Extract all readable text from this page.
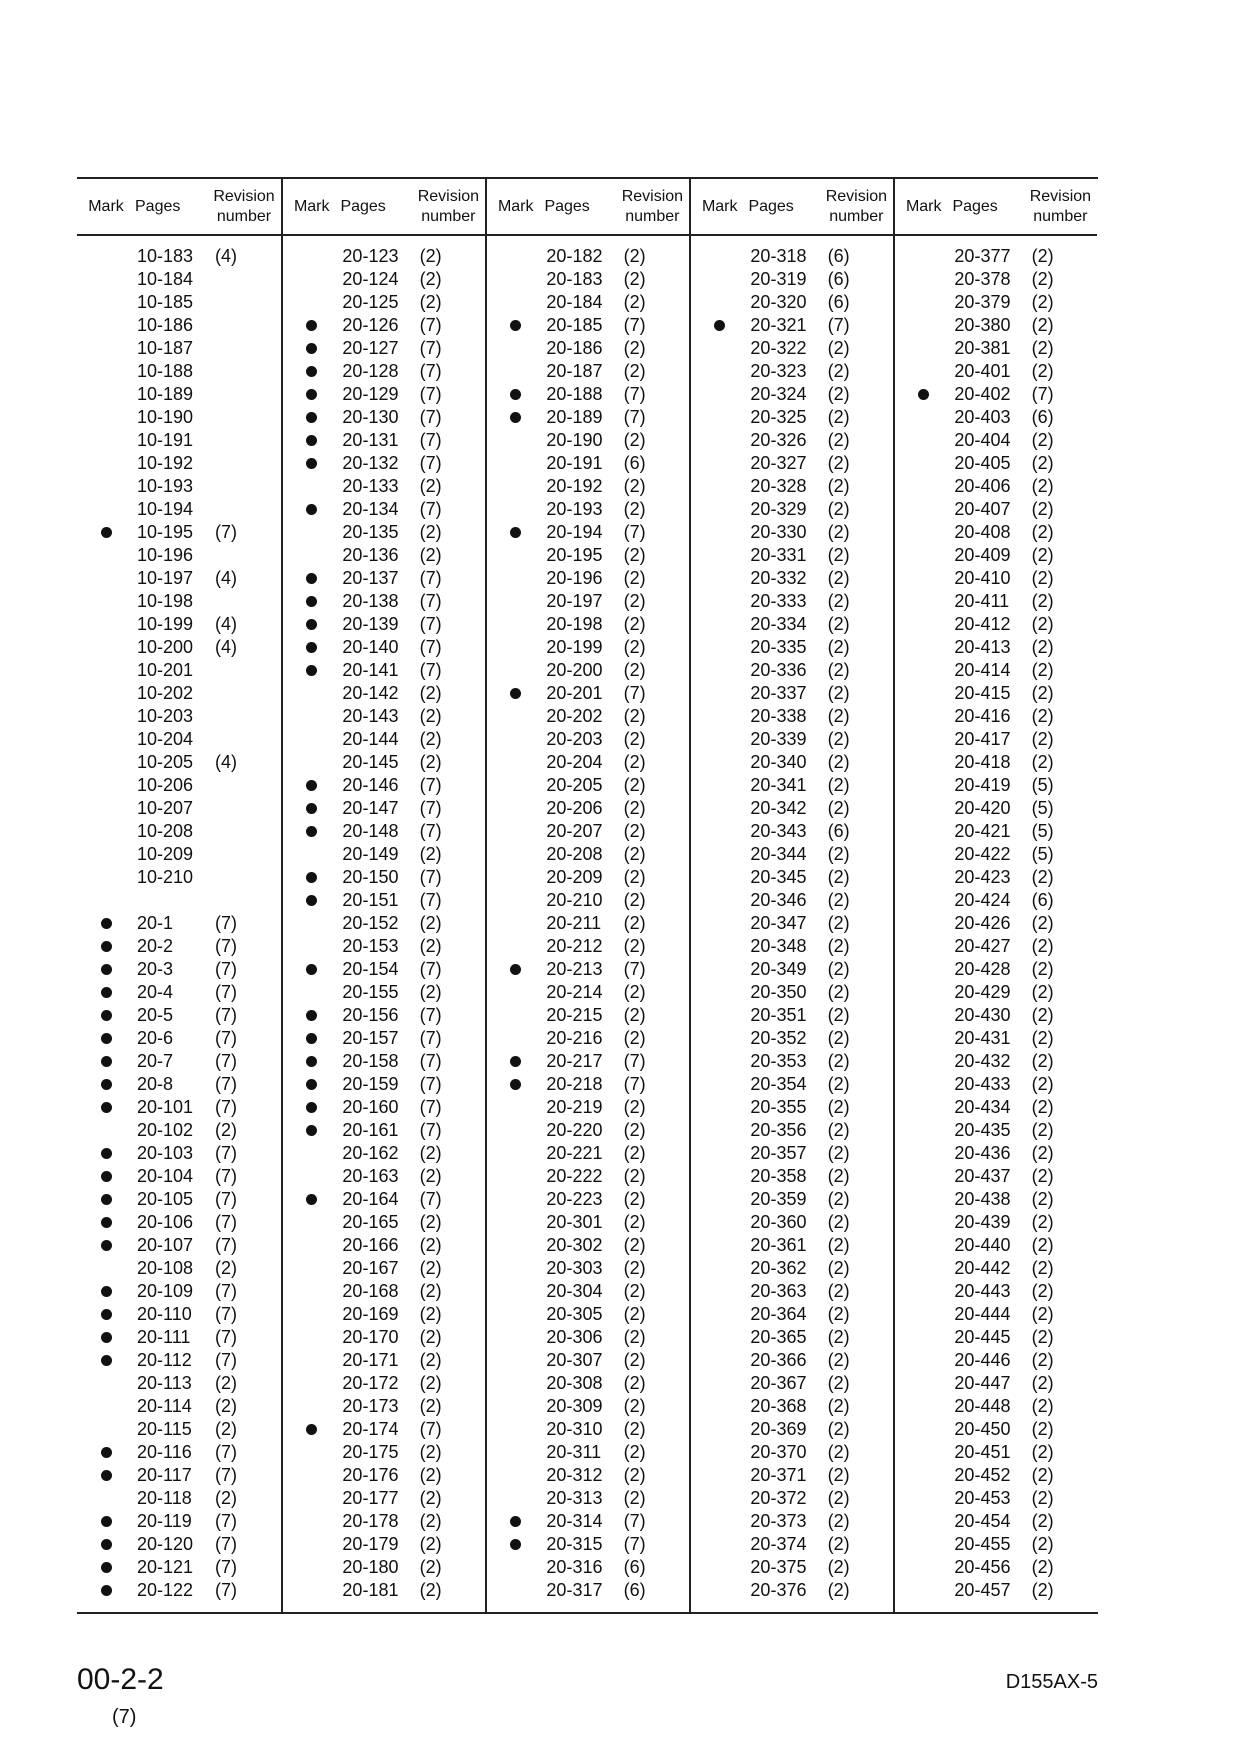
Mark Pages
Revision
number
10-183	(4)
10-184
10-185
10-186
10-187
10-188
10-189
10-190
10-191
10-192
10-193
10-194
10-195	(7)
10-196
10-197	(4)
10-198
10-199	(4)
10-200	(4)
10-201
10-202
10-203
10-204
10-205	(4)
10-206
10-207
10-208
10-209
10-210
20-1	(7)
20-2	(7)
20-3	(7)
20-4	(7)
20-5	(7)
20-6	(7)
20-7	(7)
20-8	(7)
20-101	(7)
20-102	(2)
20-103	(7)
20-104	(7)
20-105	(7)
20-106	(7)
20-107	(7)
20-108	(2)
20-109	(7)
20-110	(7)
20-111	(7)
20-112	(7)
20-113	(2)
20-114	(2)
20-115	(2)
20-116	(7)
20-117	(7)
20-118	(2)
20-119	(7)
20-120	(7)
20-121	(7)
20-122	(7)
Mark Pages
Revision
number
20-123	(2)
20-124	(2)
20-125	(2)
20-126	(7)
20-127	(7)
20-128	(7)
20-129	(7)
20-130	(7)
20-131	(7)
20-132	(7)
20-133	(2)
20-134	(7)
20-135	(2)
20-136	(2)
20-137	(7)
20-138	(7)
20-139	(7)
20-140	(7)
20-141	(7)
20-142	(2)
20-143	(2)
20-144	(2)
20-145	(2)
20-146	(7)
20-147	(7)
20-148	(7)
20-149	(2)
20-150	(7)
20-151	(7)
20-152	(2)
20-153	(2)
20-154	(7)
20-155	(2)
20-156	(7)
20-157	(7)
20-158	(7)
20-159	(7)
20-160	(7)
20-161	(7)
20-162	(2)
20-163	(2)
20-164	(7)
20-165	(2)
20-166	(2)
20-167	(2)
20-168	(2)
20-169	(2)
20-170	(2)
20-171	(2)
20-172	(2)
20-173	(2)
20-174	(7)
20-175	(2)
20-176	(2)
20-177	(2)
20-178	(2)
20-179	(2)
20-180	(2)
20-181	(2)
Mark Pages
Revision
number
20-182	(2)
20-183	(2)
20-184	(2)
20-185	(7)
20-186	(2)
20-187	(2)
20-188	(7)
20-189	(7)
20-190	(2)
20-191	(6)
20-192	(2)
20-193	(2)
20-194	(7)
20-195	(2)
20-196	(2)
20-197	(2)
20-198	(2)
20-199	(2)
20-200	(2)
20-201	(7)
20-202	(2)
20-203	(2)
20-204	(2)
20-205	(2)
20-206	(2)
20-207	(2)
20-208	(2)
20-209	(2)
20-210	(2)
20-211	(2)
20-212	(2)
20-213	(7)
20-214	(2)
20-215	(2)
20-216	(2)
20-217	(7)
20-218	(7)
20-219	(2)
20-220	(2)
20-221	(2)
20-222	(2)
20-223	(2)
20-301	(2)
20-302	(2)
20-303	(2)
20-304	(2)
20-305	(2)
20-306	(2)
20-307	(2)
20-308	(2)
20-309	(2)
20-310	(2)
20-311	(2)
20-312	(2)
20-313	(2)
20-314	(7)
20-315	(7)
20-316	(6)
20-317	(6)
Mark Pages
Revision
number
20-318	(6)
20-319	(6)
20-320	(6)
20-321	(7)
20-322	(2)
20-323	(2)
20-324	(2)
20-325	(2)
20-326	(2)
20-327	(2)
20-328	(2)
20-329	(2)
20-330	(2)
20-331	(2)
20-332	(2)
20-333	(2)
20-334	(2)
20-335	(2)
20-336	(2)
20-337	(2)
20-338	(2)
20-339	(2)
20-340	(2)
20-341	(2)
20-342	(2)
20-343	(6)
20-344	(2)
20-345	(2)
20-346	(2)
20-347	(2)
20-348	(2)
20-349	(2)
20-350	(2)
20-351	(2)
20-352	(2)
20-353	(2)
20-354	(2)
20-355	(2)
20-356	(2)
20-357	(2)
20-358	(2)
20-359	(2)
20-360	(2)
20-361	(2)
20-362	(2)
20-363	(2)
20-364	(2)
20-365	(2)
20-366	(2)
20-367	(2)
20-368	(2)
20-369	(2)
20-370	(2)
20-371	(2)
20-372	(2)
20-373	(2)
20-374	(2)
20-375	(2)
20-376	(2)
Mark Pages
Revision
number
20-377	(2)
20-378	(2)
20-379	(2)
20-380	(2)
20-381	(2)
20-401	(2)
20-402	(7)
20-403	(6)
20-404	(2)
20-405	(2)
20-406	(2)
20-407	(2)
20-408	(2)
20-409	(2)
20-410	(2)
20-411	(2)
20-412	(2)
20-413	(2)
20-414	(2)
20-415	(2)
20-416	(2)
20-417	(2)
20-418	(2)
20-419	(5)
20-420	(5)
20-421	(5)
20-422	(5)
20-423	(2)
20-424	(6)
20-426	(2)
20-427	(2)
20-428	(2)
20-429	(2)
20-430	(2)
20-431	(2)
20-432	(2)
20-433	(2)
20-434	(2)
20-435	(2)
20-436	(2)
20-437	(2)
20-438	(2)
20-439	(2)
20-440	(2)
20-442	(2)
20-443	(2)
20-444	(2)
20-445	(2)
20-446	(2)
20-447	(2)
20-448	(2)
20-450	(2)
20-451	(2)
20-452	(2)
20-453	(2)
20-454	(2)
20-455	(2)
20-456	(2)
20-457	(2)
00-2-2
(7)
D155AX-5
